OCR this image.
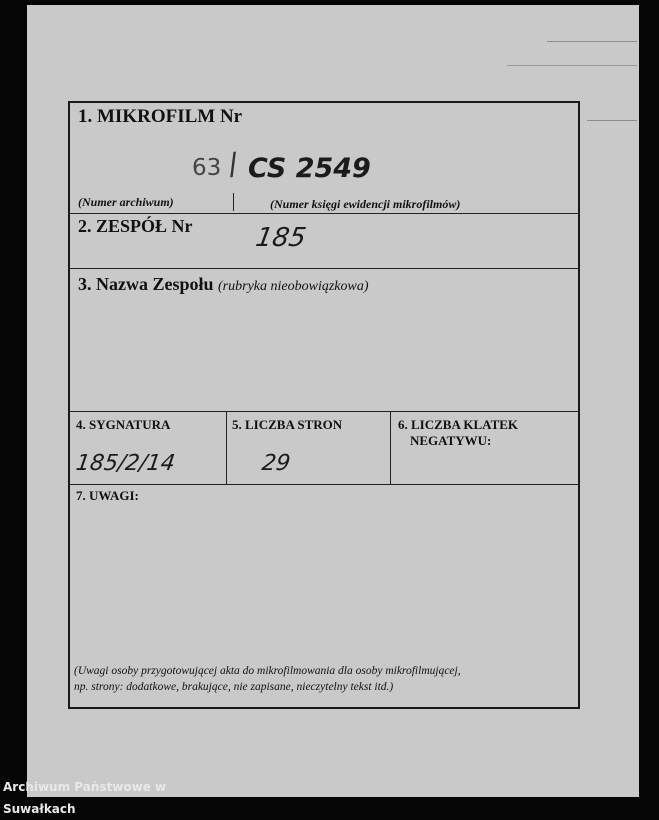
1. MIKROFILM Nr
63 / CS 2549
(Numer archiwum)	(Numer księgi ewidencji mikrofilmów)
2. ZESPÓŁ Nr 185
3. Nazwa Zespołu (rubryka nieobowiązkowa)
4. SYGNATURA	5. LICZBA STRON	6. LICZBA KLATEK
NEGATYWU:
185/2/14	29
7. UWAGI:
(Uwagi osoby przygotowującej akta do mikrofilmowania dla osoby mikrofilmującej,
np. strony: dodatkowe, brakujące, nie zapisane, nieczytelny tekst itd.)
Archiwum Państwowe w Suwałkach
